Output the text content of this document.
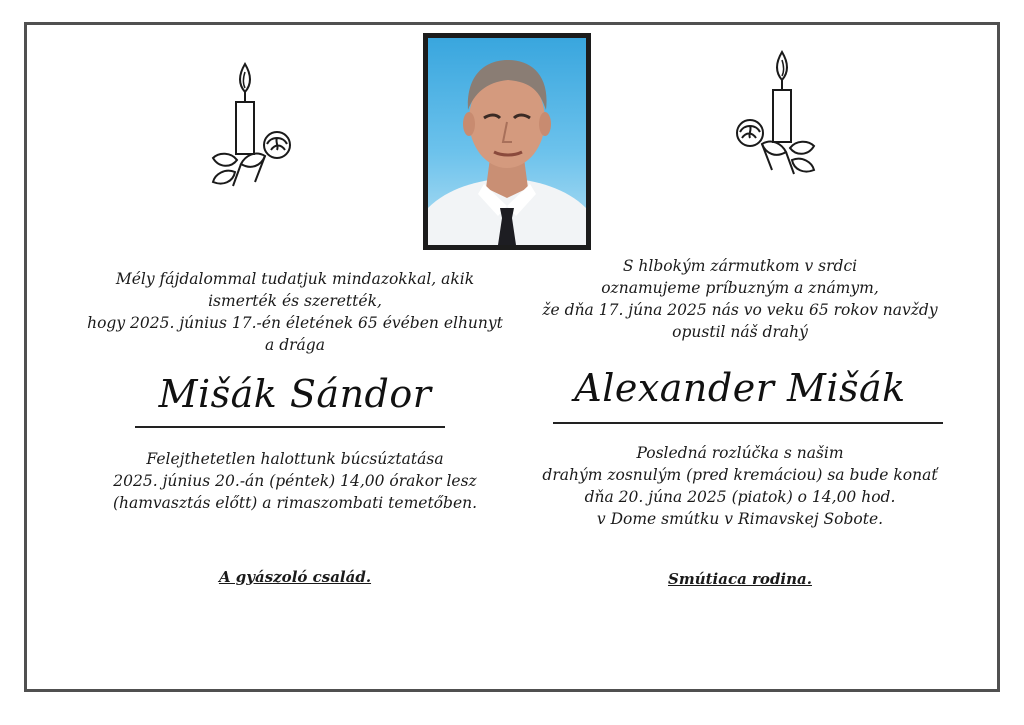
Mély fájdalommal tudatjuk mindazokkal, akik
ismerték és szerették,
hogy 2025. június 17.-én életének 65 évében elhunyt
a drága
Mišák Sándor
Felejthetetlen halottunk búcsúztatása
2025. június 20.-án (péntek) 14,00 órakor lesz
(hamvasztás előtt) a rimaszombati temetőben.
A gyászoló család.
S hlbokým zármutkom v srdci
oznamujeme príbuzným a známym,
že dňa 17. júna 2025 nás vo veku 65 rokov navždy
opustil náš drahý
Alexander Mišák
Posledná rozlúčka s našim
drahým zosnulým (pred kremáciou) sa bude konať
dňa 20. júna 2025 (piatok) o 14,00 hod.
v Dome smútku v Rimavskej Sobote.
Smútiaca rodina.
